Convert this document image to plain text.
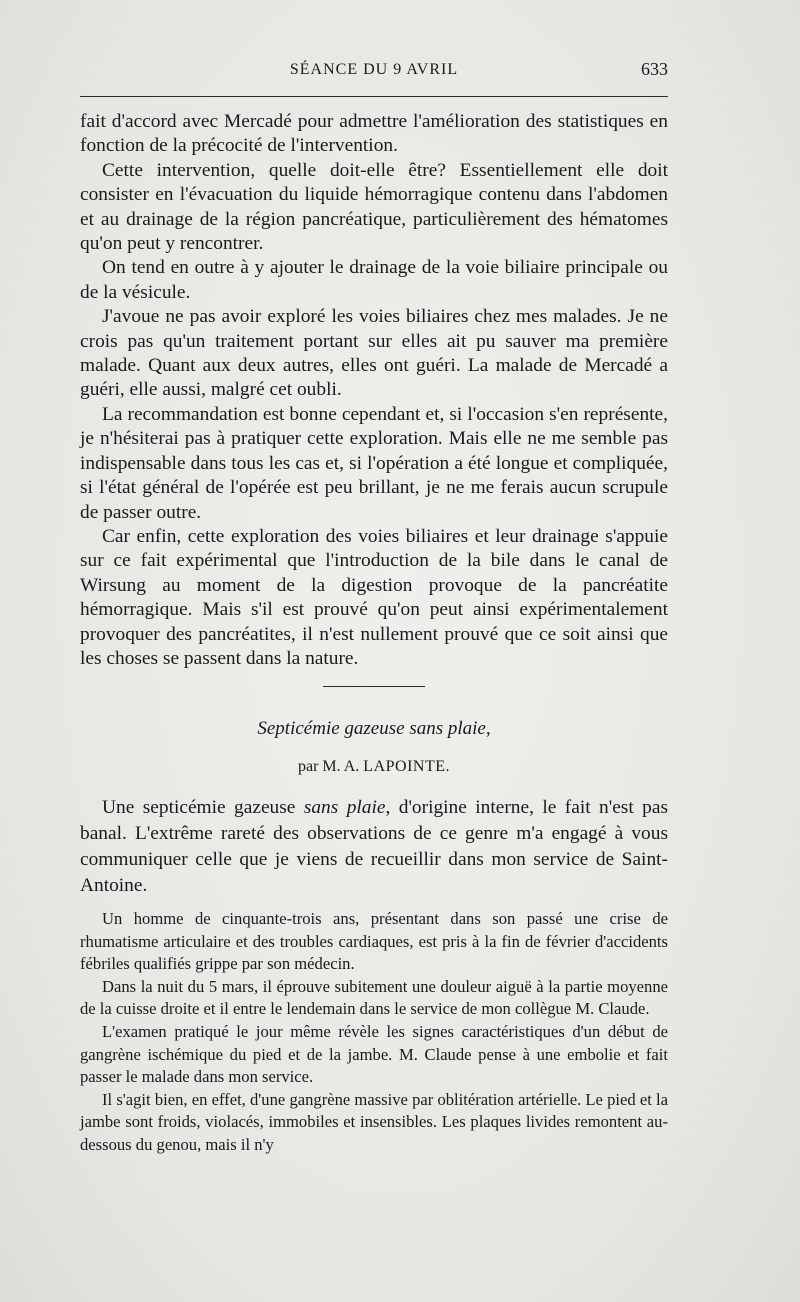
SÉANCE DU 9 AVRIL	633

fait d'accord avec Mercadé pour admettre l'amélioration des statistiques en fonction de la précocité de l'intervention.

Cette intervention, quelle doit-elle être? Essentiellement elle doit consister en l'évacuation du liquide hémorragique contenu dans l'abdomen et au drainage de la région pancréatique, particulièrement des hématomes qu'on peut y rencontrer.

On tend en outre à y ajouter le drainage de la voie biliaire principale ou de la vésicule.

J'avoue ne pas avoir exploré les voies biliaires chez mes malades. Je ne crois pas qu'un traitement portant sur elles ait pu sauver ma première malade. Quant aux deux autres, elles ont guéri. La malade de Mercadé a guéri, elle aussi, malgré cet oubli.

La recommandation est bonne cependant et, si l'occasion s'en représente, je n'hésiterai pas à pratiquer cette exploration. Mais elle ne me semble pas indispensable dans tous les cas et, si l'opération a été longue et compliquée, si l'état général de l'opérée est peu brillant, je ne me ferais aucun scrupule de passer outre.

Car enfin, cette exploration des voies biliaires et leur drainage s'appuie sur ce fait expérimental que l'introduction de la bile dans le canal de Wirsung au moment de la digestion provoque de la pancréatite hémorragique. Mais s'il est prouvé qu'on peut ainsi expérimentalement provoquer des pancréatites, il n'est nullement prouvé que ce soit ainsi que les choses se passent dans la nature.

Septicémie gazeuse sans plaie,
par M. A. LAPOINTE.

Une septicémie gazeuse sans plaie, d'origine interne, le fait n'est pas banal. L'extrême rareté des observations de ce genre m'a engagé à vous communiquer celle que je viens de recueillir dans mon service de Saint-Antoine.

Un homme de cinquante-trois ans, présentant dans son passé une crise de rhumatisme articulaire et des troubles cardiaques, est pris à la fin de février d'accidents fébriles qualifiés grippe par son médecin.

Dans la nuit du 5 mars, il éprouve subitement une douleur aiguë à la partie moyenne de la cuisse droite et il entre le lendemain dans le service de mon collègue M. Claude.

L'examen pratiqué le jour même révèle les signes caractéristiques d'un début de gangrène ischémique du pied et de la jambe. M. Claude pense à une embolie et fait passer le malade dans mon service.

Il s'agit bien, en effet, d'une gangrène massive par oblitération artérielle. Le pied et la jambe sont froids, violacés, immobiles et insensibles. Les plaques livides remontent au-dessous du genou, mais il n'y
